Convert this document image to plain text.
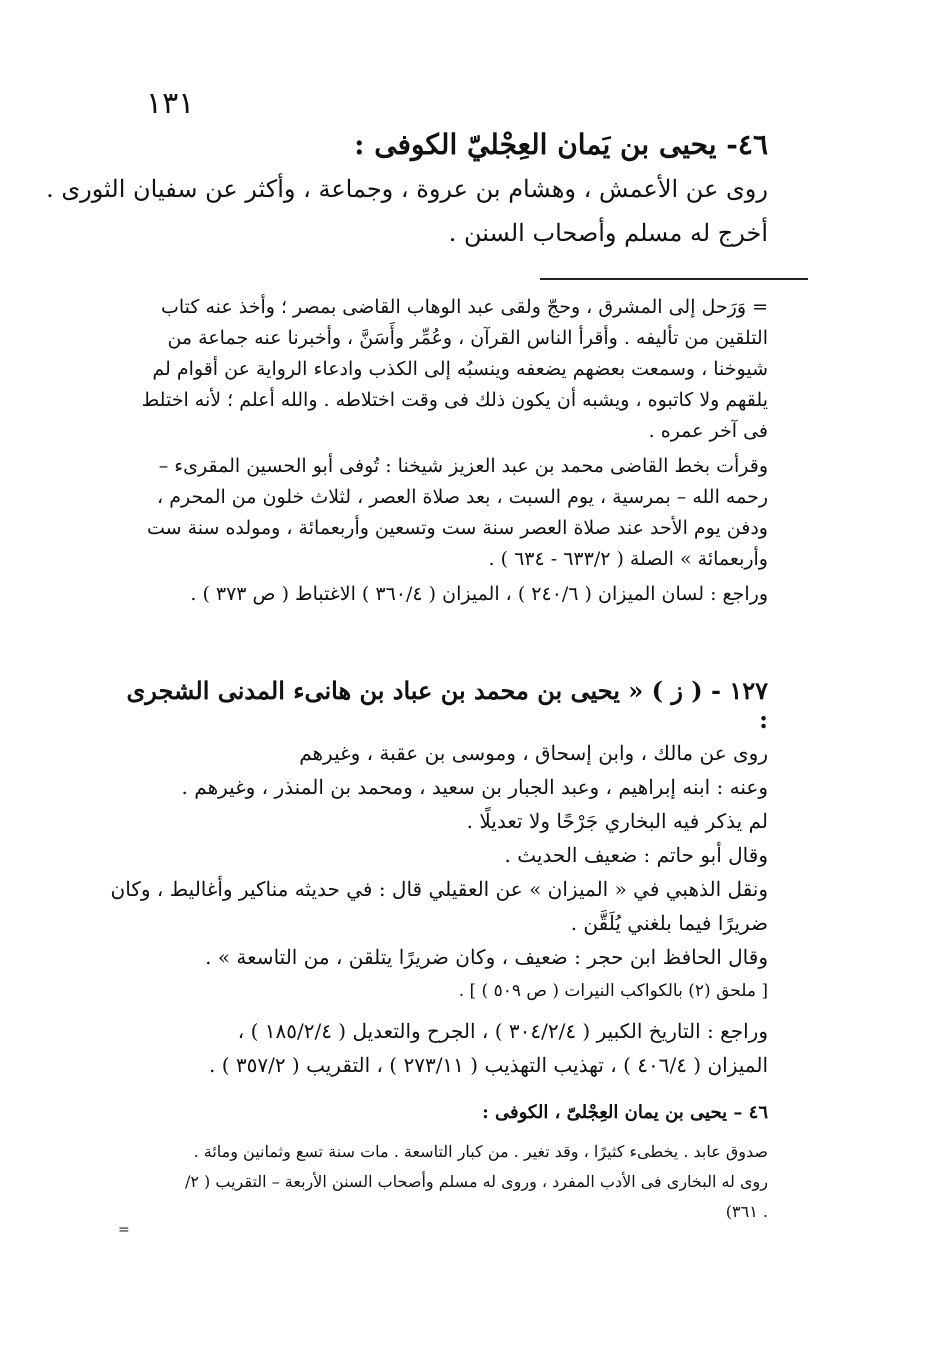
١٣١
٤٦- يحيى بن يَمان العِجْليّ الكوفى :
روى عن الأعمش ، وهشام بن عروة ، وجماعة ، وأكثر عن سفيان الثورى .
أخرج له مسلم وأصحاب السنن .

= وَرَحل إلى المشرق ، وحجّ ولقى عبد الوهاب القاضى بمصر ؛ وأخذ عنه كتاب التلقين من تأليفه . وأقرأ الناس القرآن ، وعُمِّر وأَسَنَّ ، وأخبرنا عنه جماعة من شيوخنا ، وسمعت بعضهم يضعفه وينسبُه إلى الكذب وادعاء الرواية عن أقوام لم يلقهم ولا كاتبوه ، ويشبه أن يكون ذلك فى وقت اختلاطه . والله أعلم ؛ لأنه اختلط فى آخر عمره .

وقرأت بخط القاضى محمد بن عبد العزيز شيخنا : تُوفى أبو الحسين المقرىء – رحمه الله – بمرسية ، يوم السبت ، بعد صلاة العصر ، لثلاث خلون من المحرم ، ودفن يوم الأحد عند صلاة العصر سنة ست وتسعين وأربعمائة ، ومولده سنة ست وأربعمائة » الصلة ( ٦٣٣/٢ - ٦٣٤ ) .

وراجع : لسان الميزان ( ٢٤٠/٦ ) ، الميزان ( ٣٦٠/٤ ) الاغتباط ( ص ٣٧٣ ) .

١٢٧ - ( ز ) « يحيى بن محمد بن عباد بن هانىء المدنى الشجرى :
روى عن مالك ، وابن إسحاق ، وموسى بن عقبة ، وغيرهم
وعنه : ابنه إبراهيم ، وعبد الجبار بن سعيد ، ومحمد بن المنذر ، وغيرهم .
لم يذكر فيه البخاري جَرْحًا ولا تعديلًا .
وقال أبو حاتم : ضعيف الحديث .
ونقل الذهبي في « الميزان » عن العقيلي قال : في حديثه مناكير وأغاليط ، وكان
ضريرًا فيما بلغني يُلَقَّن .
وقال الحافظ ابن حجر : ضعيف ، وكان ضريرًا يتلقن ، من التاسعة » .
[ ملحق (٢) بالكواكب النيرات ( ص ٥٠٩ ) ] .
وراجع : التاريخ الكبير ( ٣٠٤/٢/٤ ) ، الجرح والتعديل ( ١٨٥/٢/٤ ) ،
الميزان ( ٤٠٦/٤ ) ، تهذيب التهذيب ( ٢٧٣/١١ ) ، التقريب ( ٣٥٧/٢ ) .
٤٦ – يحيى بن يمان العِجْلىّ ، الكوفى :
صدوق عابد . يخطىء كثيرًا ، وقد تغير . من كبار التاسعة . مات سنة تسع وثمانين ومائة .
روى له البخارى فى الأدب المفرد ، وروى له مسلم وأصحاب السنن الأربعة – التقريب ( ٢/
. ٣٦١)
=
